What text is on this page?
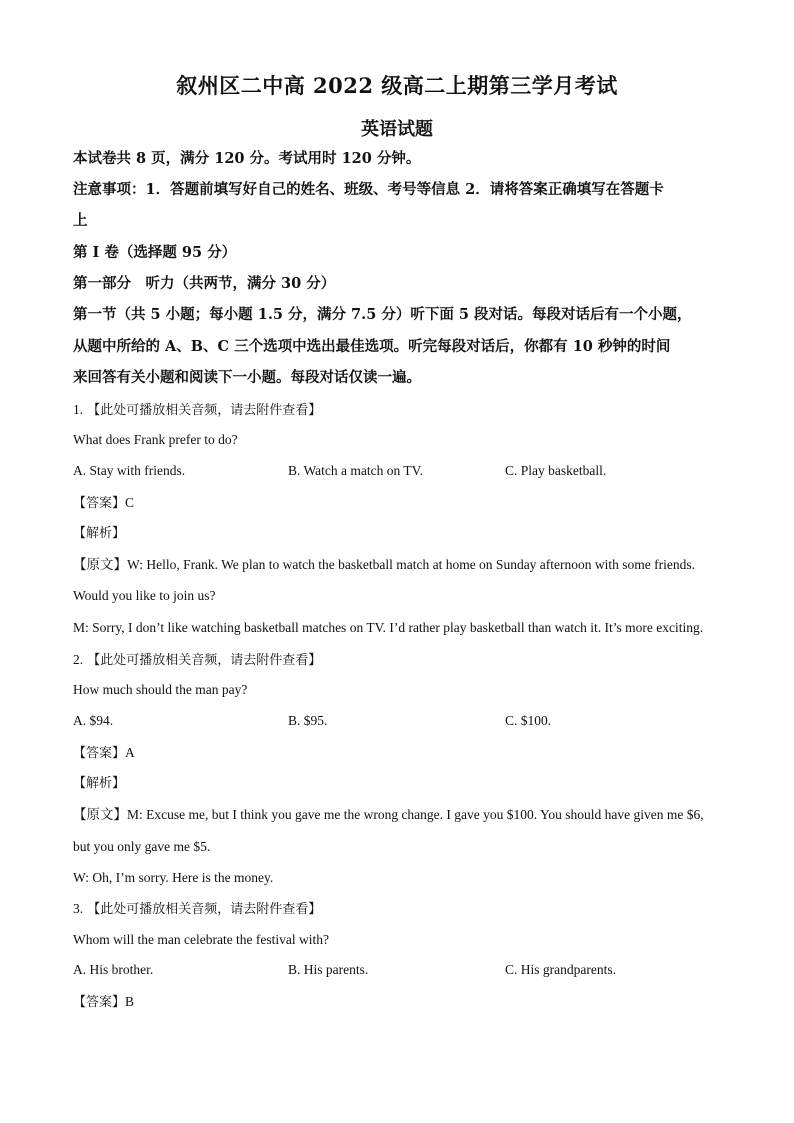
叙州区二中高 2022 级高二上期第三学月考试
英语试题
本试卷共 8 页，满分 120 分。考试用时 120 分钟。
注意事项：1．答题前填写好自己的姓名、班级、考号等信息 2．请将答案正确填写在答题卡
上
第 I 卷（选择题 95 分）
第一部分　听力（共两节，满分 30 分）
第一节（共 5 小题；每小题 1.5 分，满分 7.5 分）听下面 5 段对话。每段对话后有一个小题，
从题中所给的 A、B、C 三个选项中选出最佳选项。听完每段对话后，你都有 10 秒钟的时间
来回答有关小题和阅读下一小题。每段对话仅读一遍。
1. 【此处可播放相关音频，请去附件查看】
What does Frank prefer to do?
A. Stay with friends.	B. Watch a match on TV.	C. Play basketball.
【答案】C
【解析】
【原文】W: Hello, Frank. We plan to watch the basketball match at home on Sunday afternoon with some friends.
Would you like to join us?
M: Sorry, I don’t like watching basketball matches on TV. I’d rather play basketball than watch it. It’s more exciting.
2. 【此处可播放相关音频，请去附件查看】
How much should the man pay?
A. $94.	B. $95.	C. $100.
【答案】A
【解析】
【原文】M: Excuse me, but I think you gave me the wrong change. I gave you $100. You should have given me $6,
but you only gave me $5.
W: Oh, I’m sorry. Here is the money.
3. 【此处可播放相关音频，请去附件查看】
Whom will the man celebrate the festival with?
A. His brother.	B. His parents.	C. His grandparents.
【答案】B
